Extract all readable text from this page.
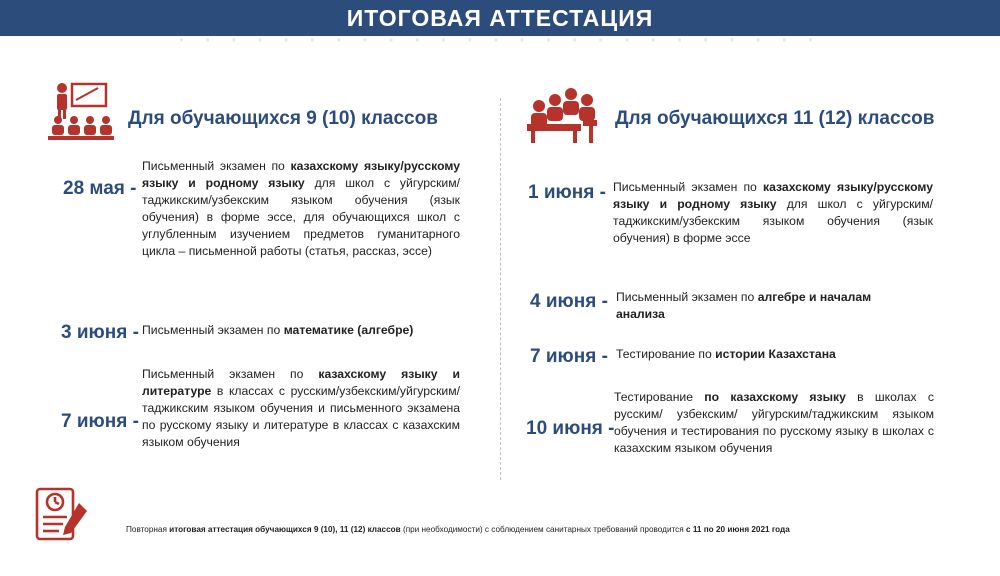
ИТОГОВАЯ АТТЕСТАЦИЯ
· · · · · · · · · · · · · · · · · · · · · · · · ·
Для обучающихся 9 (10) классов	Для обучающихся 11 (12) классов
28 мая -
Письменный экзамен по казахскому языку/русскому языку и родному языку для школ с уйгурским/таджикским/узбекским языком обучения (язык обучения) в форме эссе, для обучающихся школ с углубленным изучением предметов гуманитарного цикла – письменной работы (статья, рассказ, эссе)
3 июня - Письменный экзамен по математике (алгебре)
7 июня -
Письменный экзамен по казахскому языку и литературе в классах с русским/узбекским/уйгурским/таджикским языком обучения и письменного экзамена по русскому языку и литературе в классах с казахским языком обучения
1 июня - Письменный экзамен по казахскому языку/русскому языку и родному языку для школ с уйгурским/таджикским/узбекским языком обучения (язык обучения) в форме эссе
4 июня - Письменный экзамен по алгебре и началам анализа
7 июня - Тестирование по истории Казахстана
10 июня -
Тестирование по казахскому языку в школах с русским/ узбекским/ уйгурским/таджикским языком обучения и тестирования по русскому языку в школах с казахским языком обучения
Повторная итоговая аттестация обучающихся 9 (10), 11 (12) классов (при необходимости) с соблюдением санитарных требований проводится с 11 по 20 июня 2021 года
